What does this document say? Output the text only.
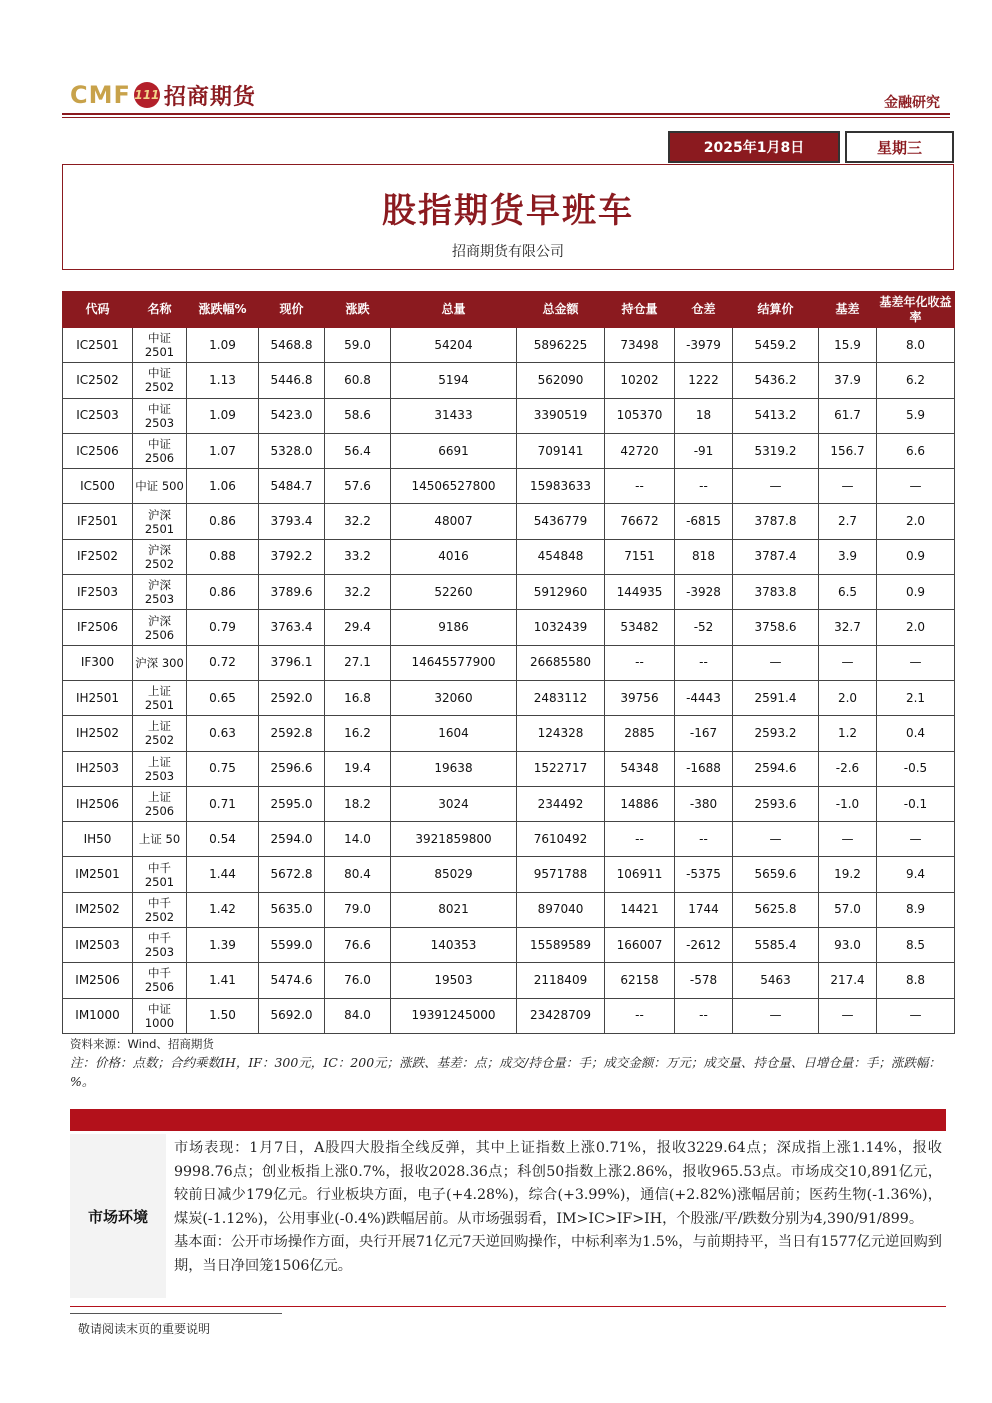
CMF 111 招商期货	金融研究
2025年1月8日	星期三
股指期货早班车
招商期货有限公司
代码	名称	涨跌幅%	现价	涨跌	总量	总金额	持仓量	仓差	结算价	基差	基差年化收益率
IC2501	中证 2501	1.09	5468.8	59.0	54204	5896225	73498	-3979	5459.2	15.9	8.0
IC2502	中证 2502	1.13	5446.8	60.8	5194	562090	10202	1222	5436.2	37.9	6.2
IC2503	中证 2503	1.09	5423.0	58.6	31433	3390519	105370	18	5413.2	61.7	5.9
IC2506	中证 2506	1.07	5328.0	56.4	6691	709141	42720	-91	5319.2	156.7	6.6
IC500	中证 500	1.06	5484.7	57.6	14506527800	15983633	--	--	—	—	—
IF2501	沪深 2501	0.86	3793.4	32.2	48007	5436779	76672	-6815	3787.8	2.7	2.0
IF2502	沪深 2502	0.88	3792.2	33.2	4016	454848	7151	818	3787.4	3.9	0.9
IF2503	沪深 2503	0.86	3789.6	32.2	52260	5912960	144935	-3928	3783.8	6.5	0.9
IF2506	沪深 2506	0.79	3763.4	29.4	9186	1032439	53482	-52	3758.6	32.7	2.0
IF300	沪深 300	0.72	3796.1	27.1	14645577900	26685580	--	--	—	—	—
IH2501	上证 2501	0.65	2592.0	16.8	32060	2483112	39756	-4443	2591.4	2.0	2.1
IH2502	上证 2502	0.63	2592.8	16.2	1604	124328	2885	-167	2593.2	1.2	0.4
IH2503	上证 2503	0.75	2596.6	19.4	19638	1522717	54348	-1688	2594.6	-2.6	-0.5
IH2506	上证 2506	0.71	2595.0	18.2	3024	234492	14886	-380	2593.6	-1.0	-0.1
IH50	上证 50	0.54	2594.0	14.0	3921859800	7610492	--	--	—	—	—
IM2501	中千 2501	1.44	5672.8	80.4	85029	9571788	106911	-5375	5659.6	19.2	9.4
IM2502	中千 2502	1.42	5635.0	79.0	8021	897040	14421	1744	5625.8	57.0	8.9
IM2503	中千 2503	1.39	5599.0	76.6	140353	15589589	166007	-2612	5585.4	93.0	8.5
IM2506	中千 2506	1.41	5474.6	76.0	19503	2118409	62158	-578	5463	217.4	8.8
IM1000	中证 1000	1.50	5692.0	84.0	19391245000	23428709	--	--	—	—	—
资料来源：Wind、招商期货
注：价格：点数；合约乘数IH，IF：300元，IC：200元；涨跌、基差：点；成交/持仓量：手；成交金额：万元；成交量、持仓量、日增仓量：手；涨跌幅：%。
市场环境

市场表现：1月7日，A股四大股指全线反弹，其中上证指数上涨0.71%，报收3229.64点；深成指上涨1.14%，报收9998.76点；创业板指上涨0.7%，报收2028.36点；科创50指数上涨2.86%，报收965.53点。市场成交10,891亿元，较前日减少179亿元。行业板块方面，电子(+4.28%)，综合(+3.99%)，通信(+2.82%)涨幅居前；医药生物(-1.36%)，煤炭(-1.12%)，公用事业(-0.4%)跌幅居前。从市场强弱看，IM>IC>IF>IH，个股涨/平/跌数分别为4,390/91/899。

基本面：公开市场操作方面，央行开展71亿元7天逆回购操作，中标利率为1.5%，与前期持平，当日有1577亿元逆回购到期，当日净回笼1506亿元。

敬请阅读末页的重要说明
